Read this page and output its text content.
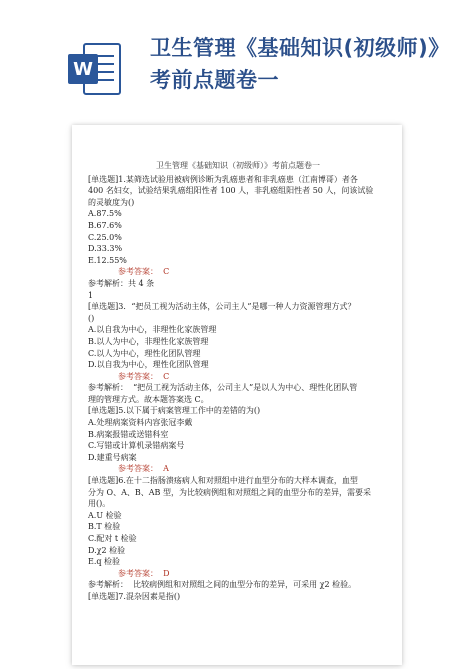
W
卫生管理《基础知识(初级师)》考前点题卷一
卫生管理《基础知识（初级师）》考前点题卷一
[单选题]1.某筛选试验用被病例诊断为乳癌患者和非乳癌患（江南博哥）者各
400 名妇女，试验结果乳癌组阳性者 100 人，非乳癌组阳性者 50 人，问该试验
的灵敏度为()
A.87.5%
B.67.6%
C.25.0%
D.33.3%
E.12.55%
参考答案：  C
参考解析：共 4 条
1
[单选题]3．“把员工视为活动主体，公司主人”是哪一种人力资源管理方式？
()
A.以自我为中心，非理性化家族管理
B.以人为中心，非理性化家族管理
C.以人为中心，理性化团队管理
D.以自我为中心，理性化团队管理
参考答案：  C
参考解析：  “把员工视为活动主体，公司主人”是以人为中心、理性化团队管
理的管理方式。故本题答案选 C。
[单选题]5.以下属于病案管理工作中的差错的为()
A.处理病案资料内容张冠李戴
B.病案报错或送错科室
C.写错或计算机录错病案号
D.建重号病案
参考答案：  A
[单选题]6.在十二指肠溃疡病人和对照组中进行血型分布的大样本调查，血型
分为 O、A、B、AB 型，为比较病例组和对照组之间的血型分布的差异，需要采
用()。
A.U 检验
B.T 检验
C.配对 t 检验
D.χ2 检验
E.q 检验
参考答案：  D
参考解析：  比较病例组和对照组之间的血型分布的差异，可采用 χ2 检验。
[单选题]7.混杂因素是指()
